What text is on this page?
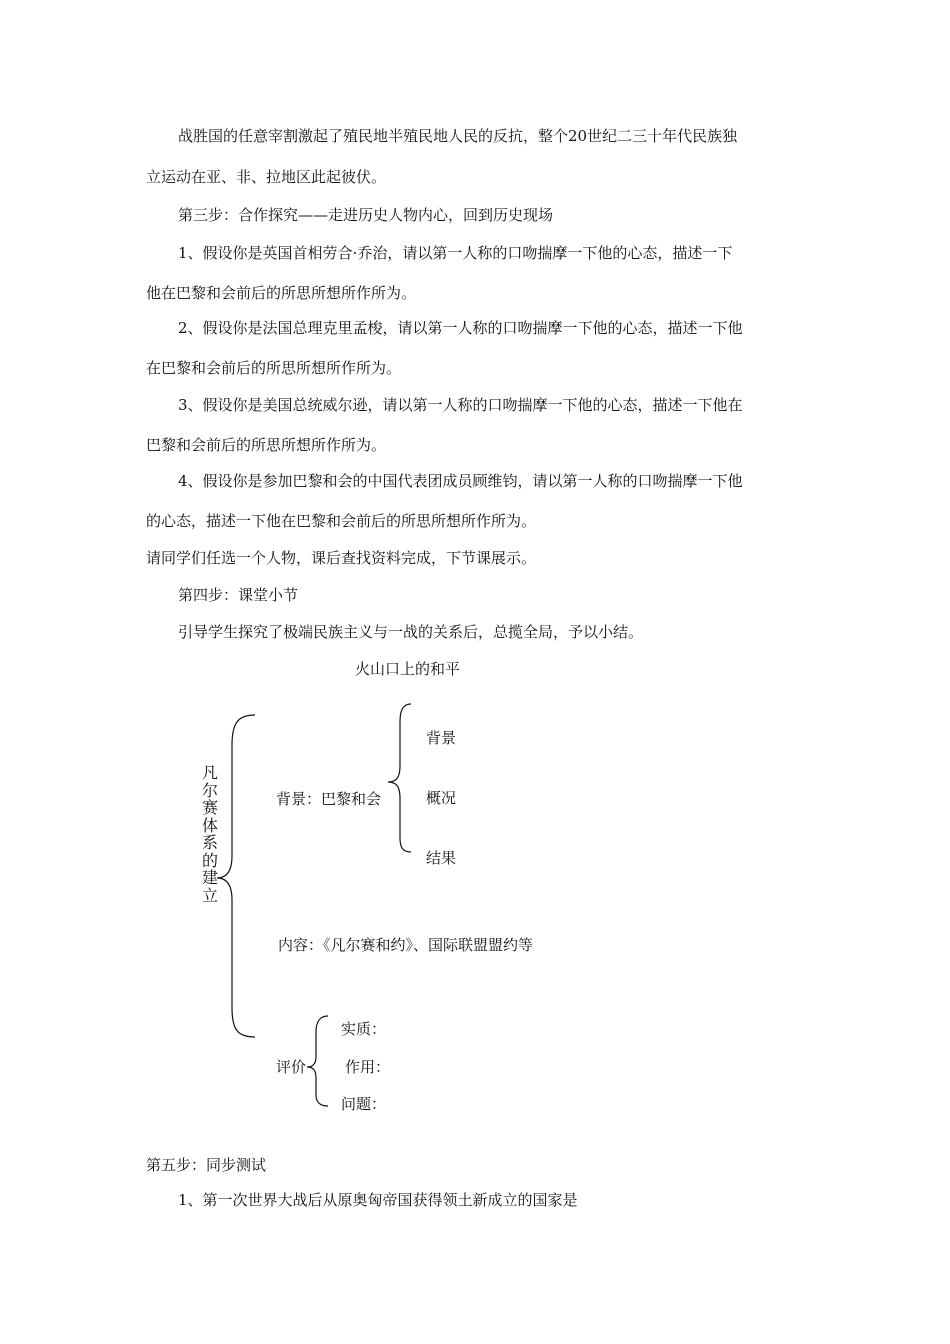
战胜国的任意宰割激起了殖民地半殖民地人民的反抗，整个20世纪二三十年代民族独
立运动在亚、非、拉地区此起彼伏。
第三步：合作探究——走进历史人物内心，回到历史现场
1、假设你是英国首相劳合·乔治，请以第一人称的口吻揣摩一下他的心态，描述一下
他在巴黎和会前后的所思所想所作所为。
2、假设你是法国总理克里孟梭，请以第一人称的口吻揣摩一下他的心态，描述一下他
在巴黎和会前后的所思所想所作所为。
3、假设你是美国总统威尔逊，请以第一人称的口吻揣摩一下他的心态，描述一下他在
巴黎和会前后的所思所想所作所为。
4、假设你是参加巴黎和会的中国代表团成员顾维钧，请以第一人称的口吻揣摩一下他
的心态，描述一下他在巴黎和会前后的所思所想所作所为。
请同学们任选一个人物，课后查找资料完成，下节课展示。
第四步：课堂小节
引导学生探究了极端民族主义与一战的关系后，总揽全局，予以小结。
火山口上的和平
凡尔赛体系的建立
背景：巴黎和会
背景
概况
结果
内容：《凡尔赛和约》、国际联盟盟约等
评价
实质：
作用：
问题：
第五步：同步测试
1、第一次世界大战后从原奥匈帝国获得领土新成立的国家是
